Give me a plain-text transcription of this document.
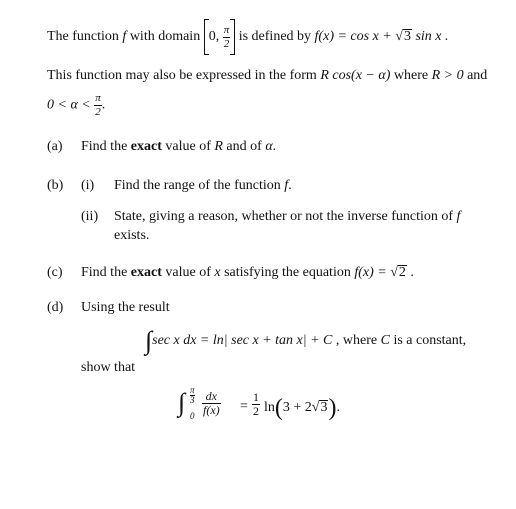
The function f with domain 0, $\frac{\pi}{2}$ is defined by f(x) = cos x + √3 sin x .
This function may also be expressed in the form R cos(x − α) where R > 0 and
$0 < \alpha < \frac{\pi}{2}$ .
(a) Find the exact value of R and of α.
(b) (i) Find the range of the function f.
(ii) State, giving a reason, whether or not the inverse function of f
exists.
(c) Find the exact value of x satisfying the equation f(x) = √2 .
(d) Using the result
∫sec x dx = ln| sec x + tan x| + C , where C is a constant,
show that
∫ π
3
$0 \frac{dx}{f(x)} = \frac{1}{2} \ln(3 + 2√3)$.
